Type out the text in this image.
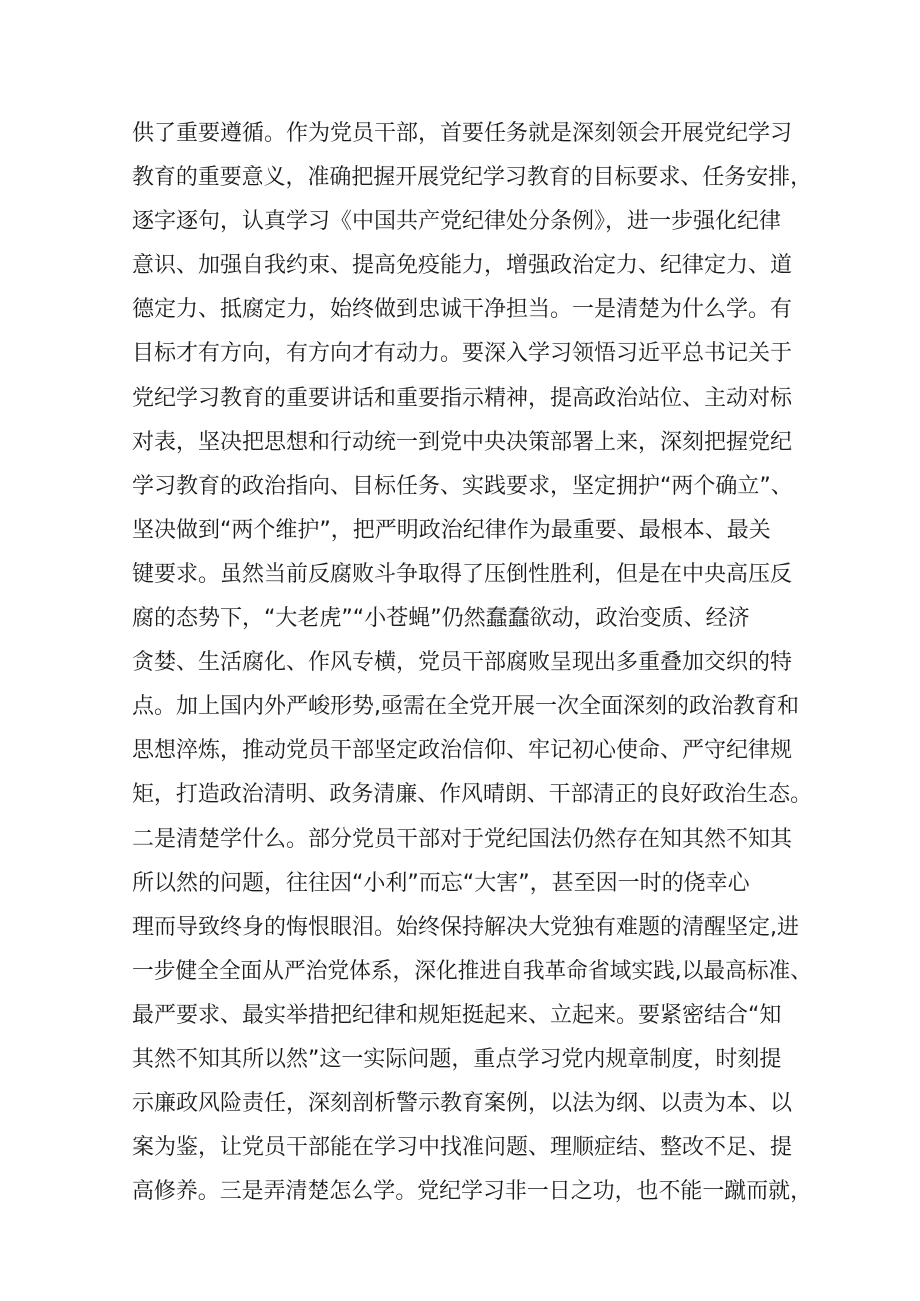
供了重要遵循。作为党员干部，首要任务就是深刻领会开展党纪学习
教育的重要意义，准确把握开展党纪学习教育的目标要求、任务安排，
逐字逐句，认真学习《中国共产党纪律处分条例》，进一步强化纪律
意识、加强自我约束、提高免疫能力，增强政治定力、纪律定力、道
德定力、抵腐定力，始终做到忠诚干净担当。一是清楚为什么学。有
目标才有方向，有方向才有动力。要深入学习领悟习近平总书记关于
党纪学习教育的重要讲话和重要指示精神，提高政治站位、主动对标
对表，坚决把思想和行动统一到党中央决策部署上来，深刻把握党纪
学习教育的政治指向、目标任务、实践要求，坚定拥护“两个确立”、
坚决做到“两个维护”，把严明政治纪律作为最重要、最根本、最关
键要求。虽然当前反腐败斗争取得了压倒性胜利，但是在中央高压反
腐的态势下，“大老虎”“小苍蝇”仍然蠢蠢欲动，政治变质、经济
贪婪、生活腐化、作风专横，党员干部腐败呈现出多重叠加交织的特
点。加上国内外严峻形势,亟需在全党开展一次全面深刻的政治教育和
思想淬炼，推动党员干部坚定政治信仰、牢记初心使命、严守纪律规
矩，打造政治清明、政务清廉、作风晴朗、干部清正的良好政治生态。
二是清楚学什么。部分党员干部对于党纪国法仍然存在知其然不知其
所以然的问题，往往因“小利”而忘“大害”，甚至因一时的侥幸心
理而导致终身的悔恨眼泪。始终保持解决大党独有难题的清醒坚定,进
一步健全全面从严治党体系，深化推进自我革命省域实践,以最高标准、
最严要求、最实举措把纪律和规矩挺起来、立起来。要紧密结合“知
其然不知其所以然”这一实际问题，重点学习党内规章制度，时刻提
示廉政风险责任，深刻剖析警示教育案例，以法为纲、以责为本、以
案为鉴，让党员干部能在学习中找准问题、理顺症结、整改不足、提
高修养。三是弄清楚怎么学。党纪学习非一日之功，也不能一蹴而就，
